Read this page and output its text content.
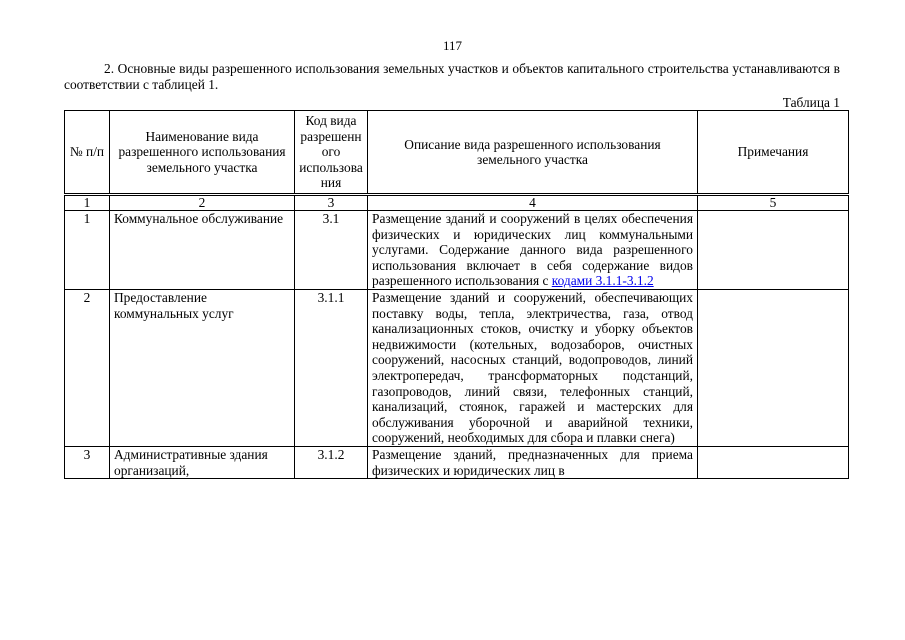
117
2. Основные виды разрешенного использования земельных участков и объектов капитального строительства устанавливаются в соответствии с таблицей 1.
Таблица 1
№ п/п	Наименование вида разрешенного использования земельного участка	Код вида разрешенн ого использова ния	Описание вида разрешенного использования земельного участка	Примечания
1	2	3	4	5
1	Коммунальное обслуживание	3.1	Размещение зданий и сооружений в целях обеспечения физических и юридических лиц коммунальными услугами. Содержание данного вида разрешенного использования включает в себя содержание видов разрешенного использования с кодами 3.1.1-3.1.2	
2	Предоставление коммунальных услуг	3.1.1	Размещение зданий и сооружений, обеспечивающих поставку воды, тепла, электричества, газа, отвод канализационных стоков, очистку и уборку объектов недвижимости (котельных, водозаборов, очистных сооружений, насосных станций, водопроводов, линий электропередач, трансформаторных подстанций, газопроводов, линий связи, телефонных станций, канализаций, стоянок, гаражей и мастерских для обслуживания уборочной и аварийной техники, сооружений, необходимых для сбора и плавки снега)	
3	Административные здания организаций,	3.1.2	Размещение зданий, предназначенных для приема физических и юридических лиц в	
